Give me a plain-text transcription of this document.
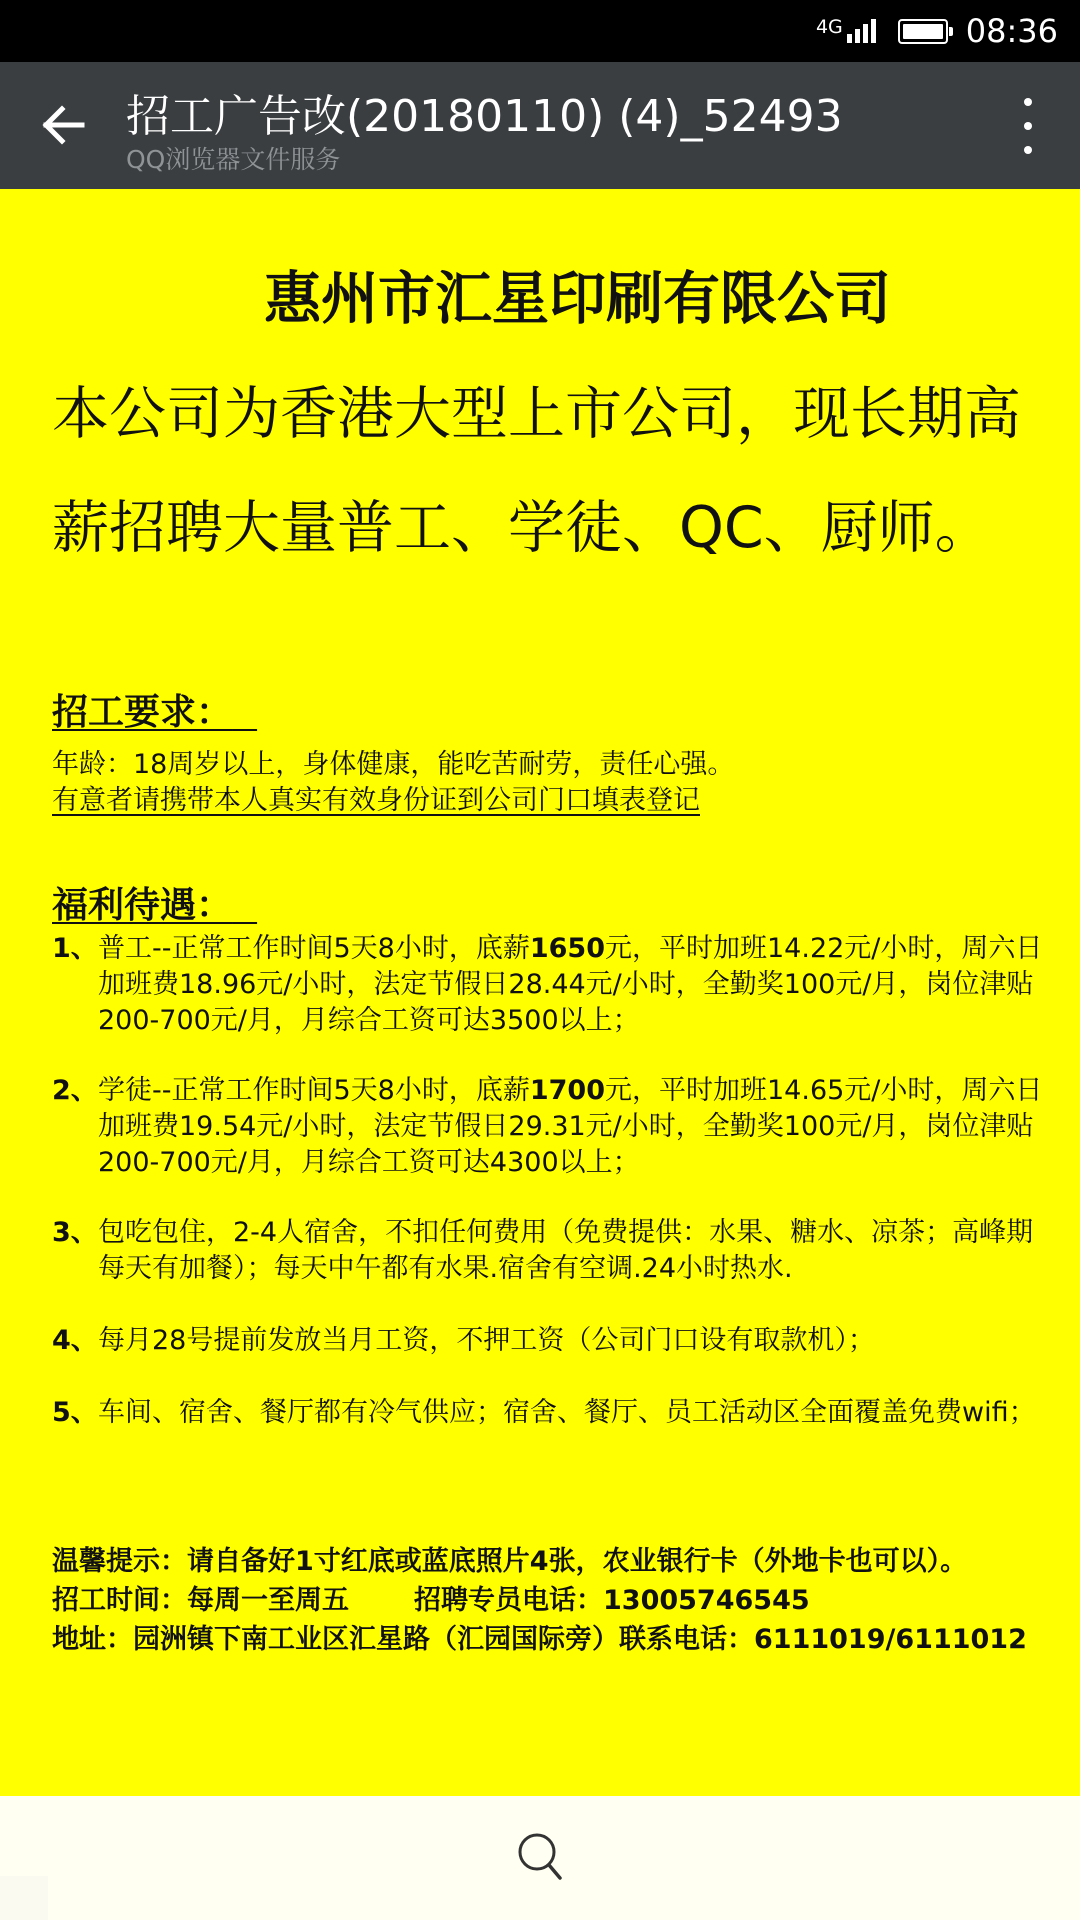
4G	08:36
招工广告改(20180110) (4)_52493
QQ浏览器文件服务
惠州市汇星印刷有限公司
本公司为香港大型上市公司，现长期高薪招聘大量普工、学徒、QC、厨师。
招工要求：
年龄：18周岁以上，身体健康，能吃苦耐劳，责任心强。
有意者请携带本人真实有效身份证到公司门口填表登记
福利待遇：
1、 普工--正常工作时间5天8小时，底薪1650元，平时加班14.22元/小时，周六日加班费18.96元/小时，法定节假日28.44元/小时，全勤奖100元/月，岗位津贴200-700元/月，月综合工资可达3500以上；
2、 学徒--正常工作时间5天8小时，底薪1700元，平时加班14.65元/小时，周六日加班费19.54元/小时，法定节假日29.31元/小时，全勤奖100元/月，岗位津贴200-700元/月，月综合工资可达4300以上；
3、 包吃包住，2-4人宿舍，不扣任何费用（免费提供：水果、糖水、凉茶；高峰期每天有加餐）；每天中午都有水果.宿舍有空调.24小时热水.
4、 每月28号提前发放当月工资，不押工资（公司门口设有取款机）；
5、 车间、宿舍、餐厅都有冷气供应；宿舍、餐厅、员工活动区全面覆盖免费wifi；
温馨提示：请自备好1寸红底或蓝底照片4张，农业银行卡（外地卡也可以）。
招工时间：每周一至周五 招聘专员电话：13005746545
地址：园洲镇下南工业区汇星路（汇园国际旁）联系电话：6111019/6111012
